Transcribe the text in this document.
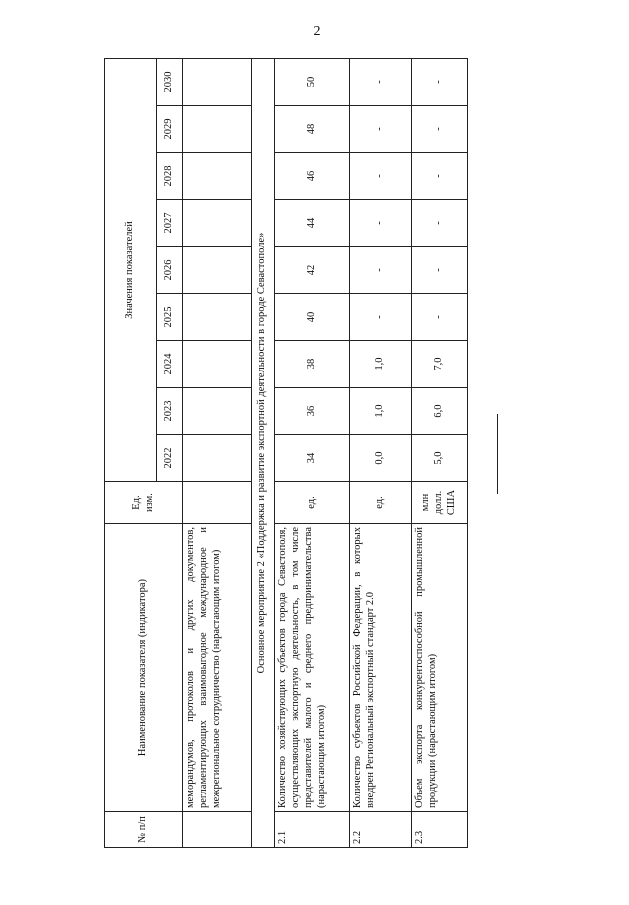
2
№ п/п	Наименование показателя (индикатора)	Ед. изм.	Значения показателей								
			2022	2023	2024	2025	2026	2027	2028	2029	2030
	меморандумов, протоколов и других документов, регламентирующих взаимовыгодное международное и межрегиональное сотрудничество (нарастающим итогом)										
Основное мероприятие 2 «Поддержка и развитие экспортной деятельности в городе Севастополе»											
2.1	Количество хозяйствующих субъектов города Севастополя, осуществляющих экспортную деятельность, в том числе представителей малого и среднего предпринимательства (нарастающим итогом)	ед.	34	36	38	40	42	44	46	48	50
2.2	Количество субъектов Российской Федерации, в которых внедрен Региональный экспортный стандарт 2.0	ед.	0,0	1,0	1,0	-	-	-	-	-	-
2.3	Объем экспорта конкурентоспособной промышленной продукции (нарастающим итогом)	млн долл. США	5,0	6,0	7,0	-	-	-	-	-	-
